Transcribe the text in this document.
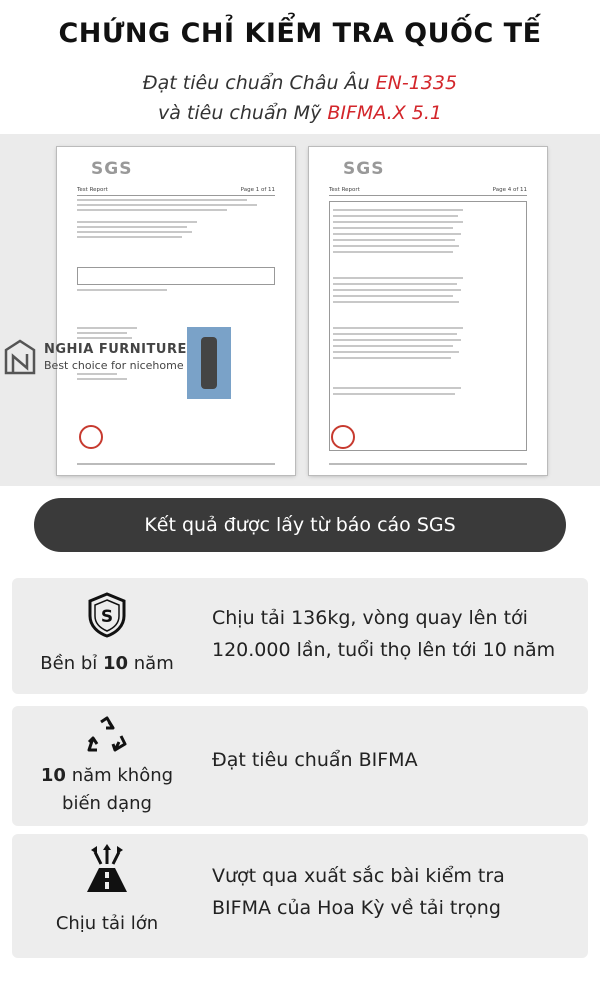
CHỨNG CHỈ KIỂM TRA QUỐC TẾ
Đạt tiêu chuẩn Châu Âu EN-1335
và tiêu chuẩn Mỹ BIFMA.X 5.1
SGS
Test Report	Page 1 of 11
SGS
Test Report	Page 4 of 11
NGHIA FURNITURE
Best choice for nicehome
Kết quả được lấy từ báo cáo SGS
S
Bền bỉ 10 năm
Chịu tải 136kg, vòng quay lên tới
120.000 lần, tuổi thọ lên tới 10 năm
10 năm không
biến dạng
Đạt tiêu chuẩn BIFMA
Chịu tải lớn
Vượt qua xuất sắc bài kiểm tra
BIFMA của Hoa Kỳ về tải trọng
